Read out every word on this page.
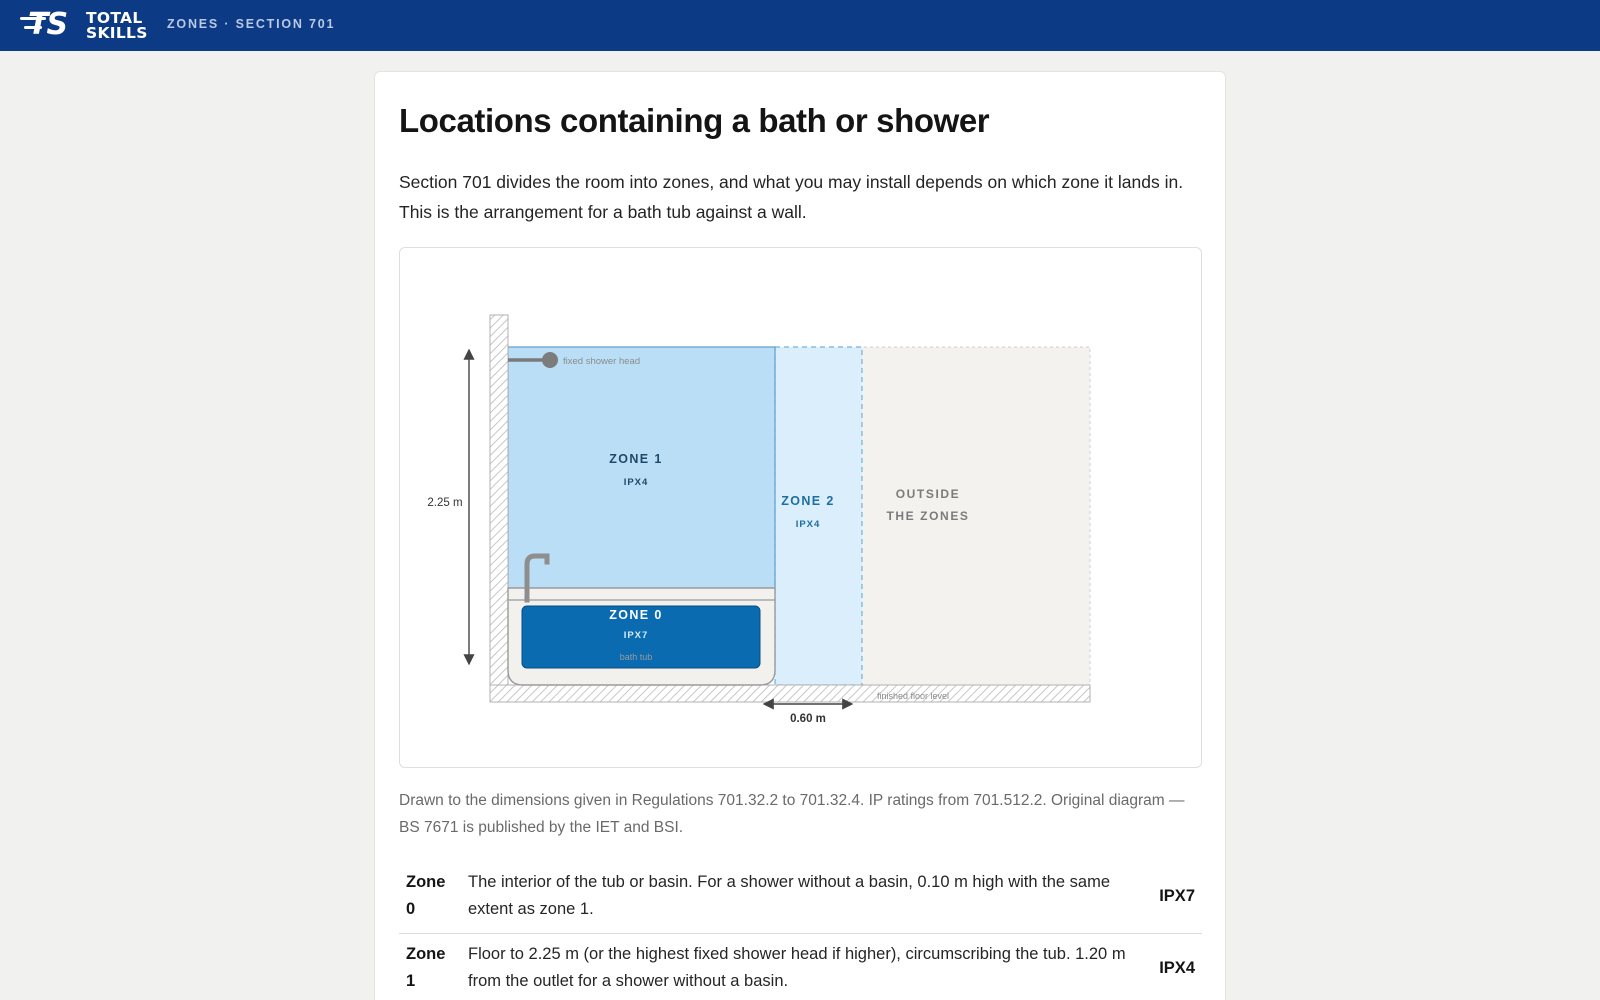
TS TOTAL
SKILLS ZONES · SECTION 701
Locations containing a bath or shower

Section 701 divides the room into zones, and what you may install depends on which zone it lands in. This is the arrangement for a bath tub against a wall.

fixed shower head
ZONE 1
IPX4
ZONE 2
IPX4
OUTSIDE
THE ZONES
ZONE 0
IPX7
bath tub
finished floor level
2.25 m
0.60 m

Drawn to the dimensions given in Regulations 701.32.2 to 701.32.4. IP ratings from 701.512.2. Original diagram — BS 7671 is published by the IET and BSI.

Zone 0	The interior of the tub or basin. For a shower without a basin, 0.10 m high with the same extent as zone 1.	IPX7
Zone 1	Floor to 2.25 m (or the highest fixed shower head if higher), circumscribing the tub. 1.20 m from the outlet for a shower without a basin.	IPX4
